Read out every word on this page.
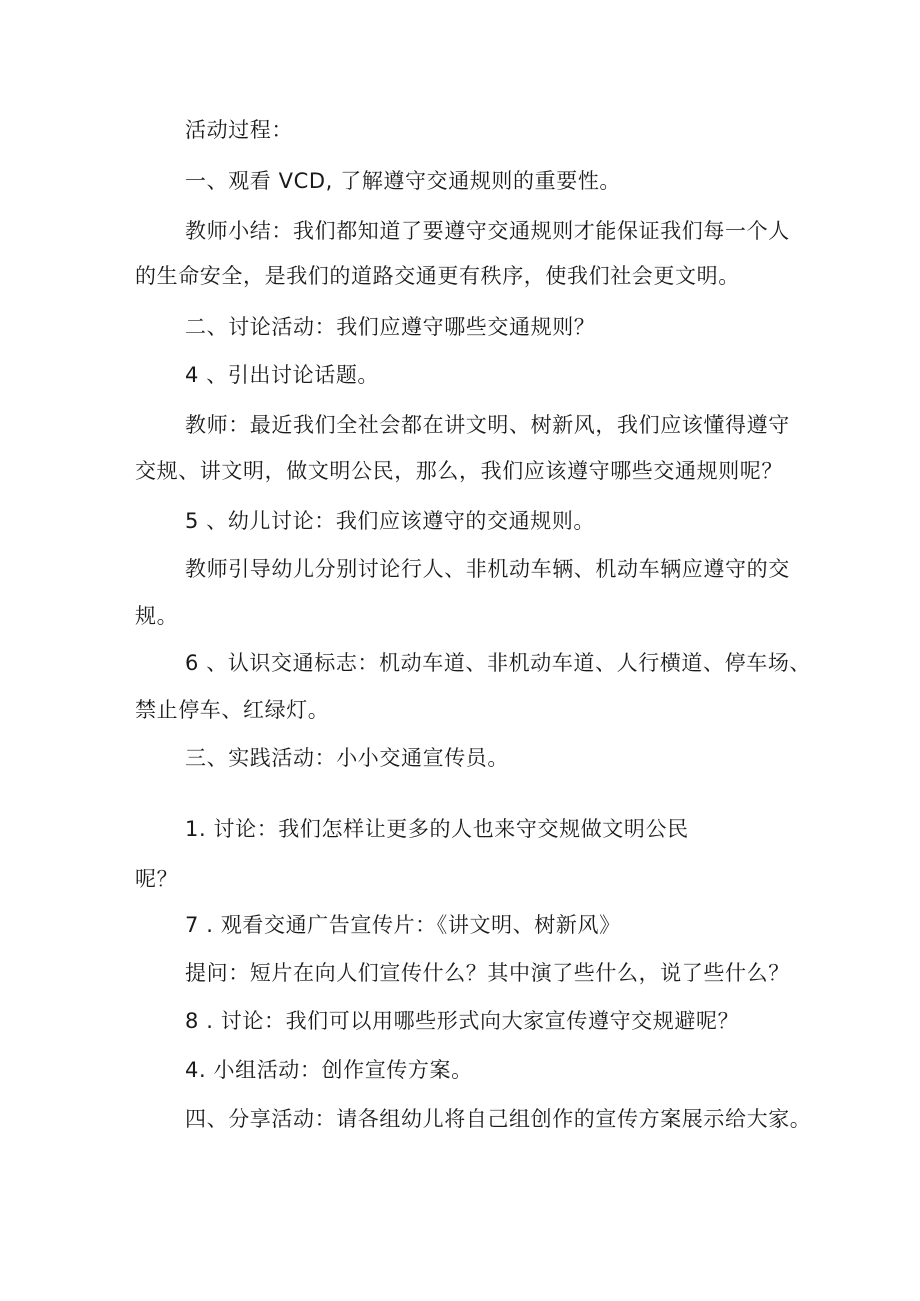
活动过程：
一、观看 VCD, 了解遵守交通规则的重要性。
教师小结：我们都知道了要遵守交通规则才能保证我们每一个人
的生命安全，是我们的道路交通更有秩序，使我们社会更文明。
二、讨论活动：我们应遵守哪些交通规则？
4 、引出讨论话题。
教师：最近我们全社会都在讲文明、树新风，我们应该懂得遵守
交规、讲文明，做文明公民，那么，我们应该遵守哪些交通规则呢？
5 、幼儿讨论：我们应该遵守的交通规则。
教师引导幼儿分别讨论行人、非机动车辆、机动车辆应遵守的交
规。
6 、认识交通标志：机动车道、非机动车道、人行横道、停车场、
禁止停车、红绿灯。
三、实践活动：小小交通宣传员。
1. 讨论：我们怎样让更多的人也来守交规做文明公民
呢？
7 . 观看交通广告宣传片：《讲文明、树新风》
提问：短片在向人们宣传什么？其中演了些什么，说了些什么？
8 . 讨论：我们可以用哪些形式向大家宣传遵守交规避呢？
4. 小组活动：创作宣传方案。
四、分享活动：请各组幼儿将自己组创作的宣传方案展示给大家。
